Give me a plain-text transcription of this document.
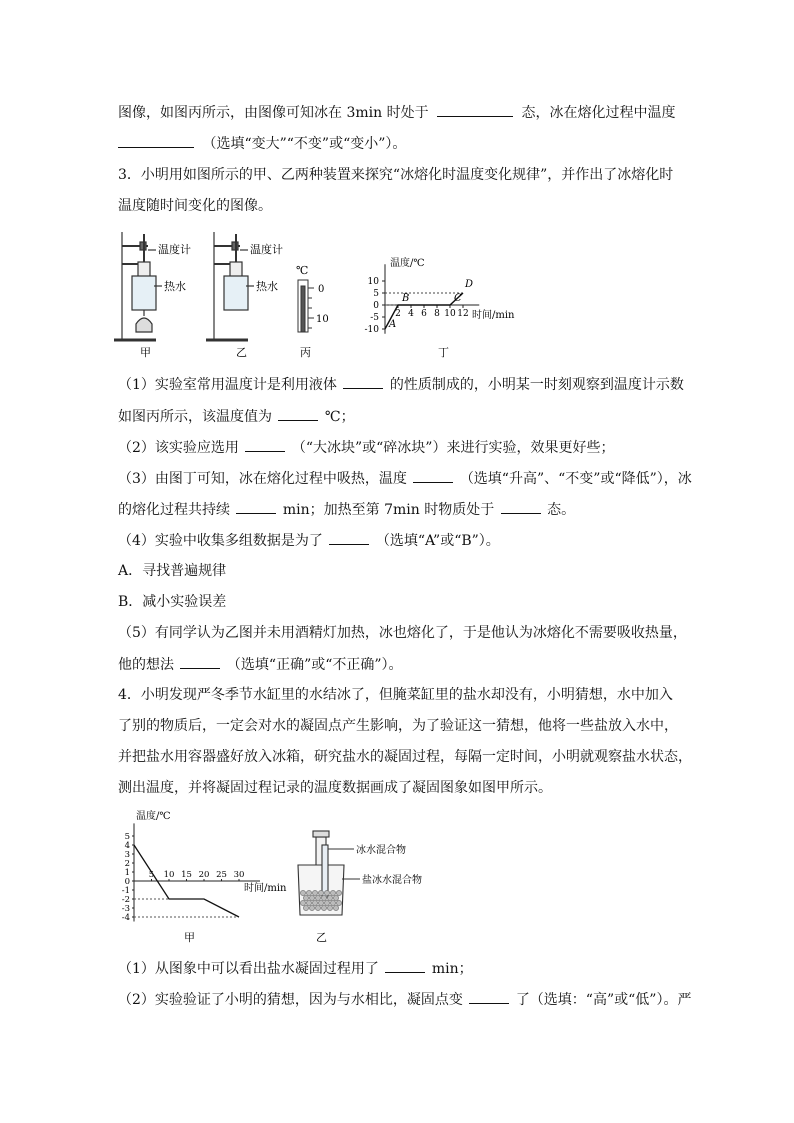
图像，如图丙所示，由图像可知冰在 3min 时处于	态，冰在熔化过程中温度
（选填“变大”“不变”或“变小”）。
3．小明用如图所示的甲、乙两种装置来探究“冰熔化时温度变化规律”，并作出了冰熔化时
温度随时间变化的图像。
温度计
热水
甲
温度计
热水
乙
℃
0
10
丙
10
5
0
-5
-10
2 4 6 8 10 12
A
B	C
D
温度/℃
时间/min
丁
（1）实验室常用温度计是利用液体	的性质制成的，小明某一时刻观察到温度计示数
如图丙所示，该温度值为	℃；
（2）该实验应选用	（“大冰块”或“碎冰块”）来进行实验，效果更好些；
（3）由图丁可知，冰在熔化过程中吸热，温度	（选填“升高”、“不变”或“降低”），冰
的熔化过程共持续	min；加热至第 7min 时物质处于	态。
（4）实验中收集多组数据是为了	（选填“A”或“B”）。
A．寻找普遍规律
B．减小实验误差
（5）有同学认为乙图并未用酒精灯加热，冰也熔化了，于是他认为冰熔化不需要吸收热量，
他的想法	（选填“正确”或“不正确”）。
4．小明发现严冬季节水缸里的水结冰了，但腌菜缸里的盐水却没有，小明猜想，水中加入
了别的物质后，一定会对水的凝固点产生影响，为了验证这一猜想，他将一些盐放入水中，
并把盐水用容器盛好放入冰箱，研究盐水的凝固过程，每隔一定时间，小明就观察盐水状态，
测出温度，并将凝固过程记录的温度数据画成了凝固图象如图甲所示。
5
4
3
2
1
0
-1
-2
-3
-4
5 10 15 20 25 30
温度/℃
时间/min
甲
冰水混合物
盐冰水混合物
乙
（1）从图象中可以看出盐水凝固过程用了	min；
（2）实验验证了小明的猜想，因为与水相比，凝固点变	了（选填：“高”或“低”）。严
